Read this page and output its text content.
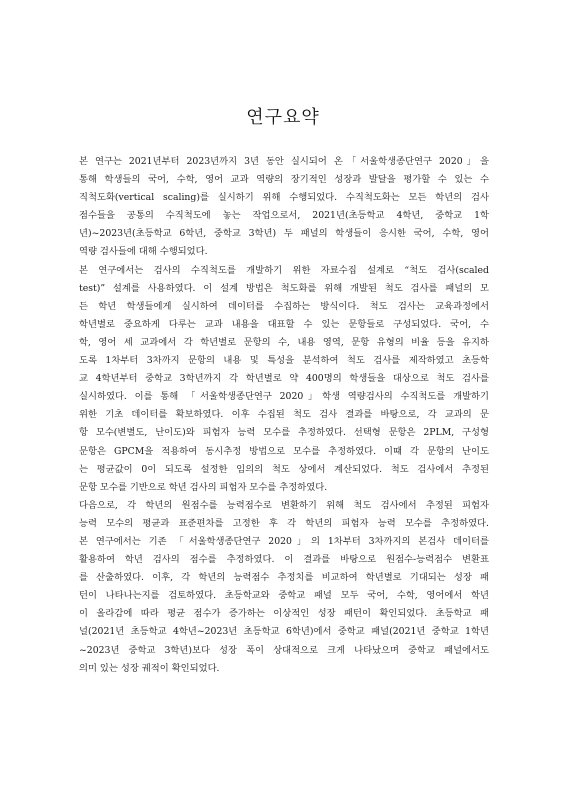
연구요약
본 연구는 2021년부터 2023년까지 3년 동안 실시되어 온「서울학생종단연구 2020」을
통해 학생들의 국어, 수학, 영어 교과 역량의 장기적인 성장과 발달을 평가할 수 있는 수
직척도화(vertical scaling)를 실시하기 위해 수행되었다. 수직척도화는 모든 학년의 검사
점수들을 공통의 수직척도에 놓는 작업으로서, 2021년(초등학교 4학년, 중학교 1학
년)~2023년(초등학교 6학년, 중학교 3학년) 두 패널의 학생들이 응시한 국어, 수학, 영어
역량 검사들에 대해 수행되었다.
본 연구에서는 검사의 수직척도를 개발하기 위한 자료수집 설계로 “척도 검사(scaled
test)” 설계를 사용하였다. 이 설계 방법은 척도화를 위해 개발된 척도 검사를 패널의 모
든 학년 학생들에게 실시하여 데이터를 수집하는 방식이다. 척도 검사는 교육과정에서
학년별로 중요하게 다루는 교과 내용을 대표할 수 있는 문항들로 구성되었다. 국어, 수
학, 영어 세 교과에서 각 학년별로 문항의 수, 내용 영역, 문항 유형의 비율 등을 유지하
도록 1차부터 3차까지 문항의 내용 및 특성을 분석하여 척도 검사를 제작하였고 초등학
교 4학년부터 중학교 3학년까지 각 학년별로 약 400명의 학생들을 대상으로 척도 검사를
실시하였다. 이를 통해 「서울학생종단연구 2020」학생 역량검사의 수직척도를 개발하기
위한 기초 데이터를 확보하였다. 이후 수집된 척도 검사 결과를 바탕으로, 각 교과의 문
항 모수(변별도, 난이도)와 피험자 능력 모수를 추정하였다. 선택형 문항은 2PLM, 구성형
문항은 GPCM을 적용하여 동시추정 방법으로 모수를 추정하였다. 이때 각 문항의 난이도
는 평균값이 0이 되도록 설정한 임의의 척도 상에서 계산되었다. 척도 검사에서 추정된
문항 모수를 기반으로 학년 검사의 피험자 모수를 추정하였다.
다음으로, 각 학년의 원점수를 능력점수로 변환하기 위해 척도 검사에서 추정된 피험자
능력 모수의 평균과 표준편차를 고정한 후 각 학년의 피험자 능력 모수를 추정하였다.
본 연구에서는 기존 「서울학생종단연구 2020」의 1차부터 3차까지의 본검사 데이터를
활용하여 학년 검사의 점수를 추정하였다. 이 결과를 바탕으로 원점수-능력점수 변환표
를 산출하였다. 이후, 각 학년의 능력점수 추정치를 비교하여 학년별로 기대되는 성장 패
턴이 나타나는지를 검토하였다. 초등학교와 중학교 패널 모두 국어, 수학, 영어에서 학년
이 올라감에 따라 평균 점수가 증가하는 이상적인 성장 패턴이 확인되었다. 초등학교 패
널(2021년 초등학교 4학년~2023년 초등학교 6학년)에서 중학교 패널(2021년 중학교 1학년
~2023년 중학교 3학년)보다 성장 폭이 상대적으로 크게 나타났으며 중학교 패널에서도
의미 있는 성장 궤적이 확인되었다.
